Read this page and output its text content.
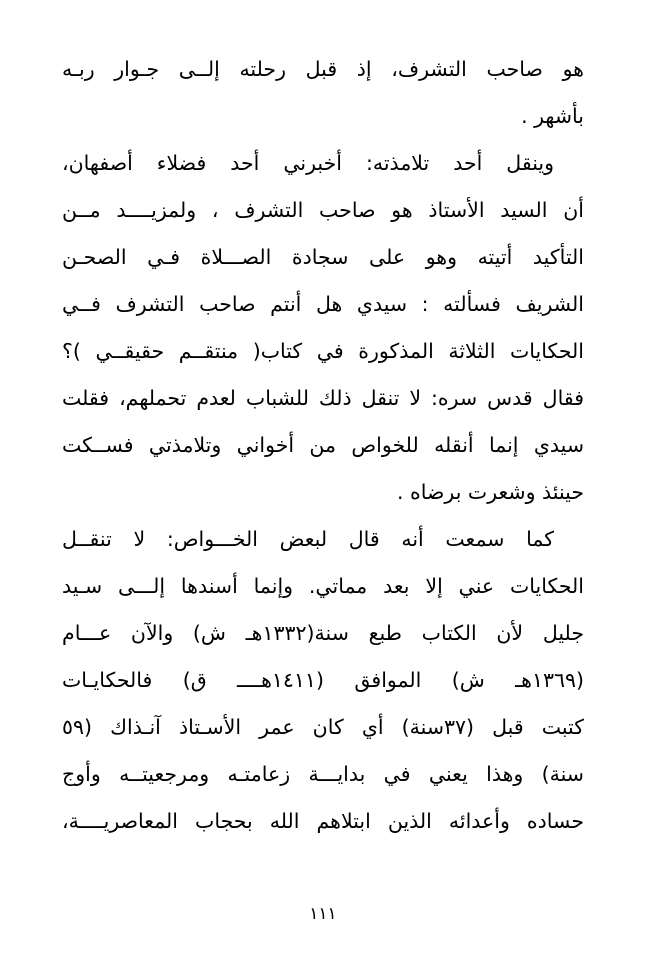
هو صاحب التشرف، إذ قبل رحلته إلــى جـوار ربـه
بأشهر .
وينقل أحد تلامذته: أخبرني أحد فضلاء أصفهان،
أن السيد الأستاذ هو صاحب التشرف ، ولمزيــــد مــن
التأكيد أتيته وهو على سجادة الصـــلاة فـي الصحـن
الشريف فسألته : سيدي هل أنتم صاحب التشرف فــي
الحكايات الثلاثة المذكورة في كتاب( منتقــم حقيقــي )؟
فقال قدس سره: لا تنقل ذلك للشباب لعدم تحملهم، فقلت
سيدي إنما أنقله للخواص من أخواني وتلامذتي فســكت
حينئذ وشعرت برضاه .
كما سمعت أنه قال لبعض الخـــواص: لا تنقــل
الحكايات عني إلا بعد مماتي. وإنما أسندها إلـــى سـيد
جليل لأن الكتاب طبع سنة(١٣٣٢هـ ش) والآن عـــام
(١٣٦٩هـ ش) الموافق (١٤١١هــــ ق) فالحكايـات
كتبت قبل (٣٧سنة) أي كان عمر الأسـتاذ آنـذاك (٥٩
سنة) وهذا يعني في بدايـــة زعامتـه ومرجعيتــه وأوج
حساده وأعدائه الذين ابتلاهم الله بحجاب المعاصريــــة،
١١١
